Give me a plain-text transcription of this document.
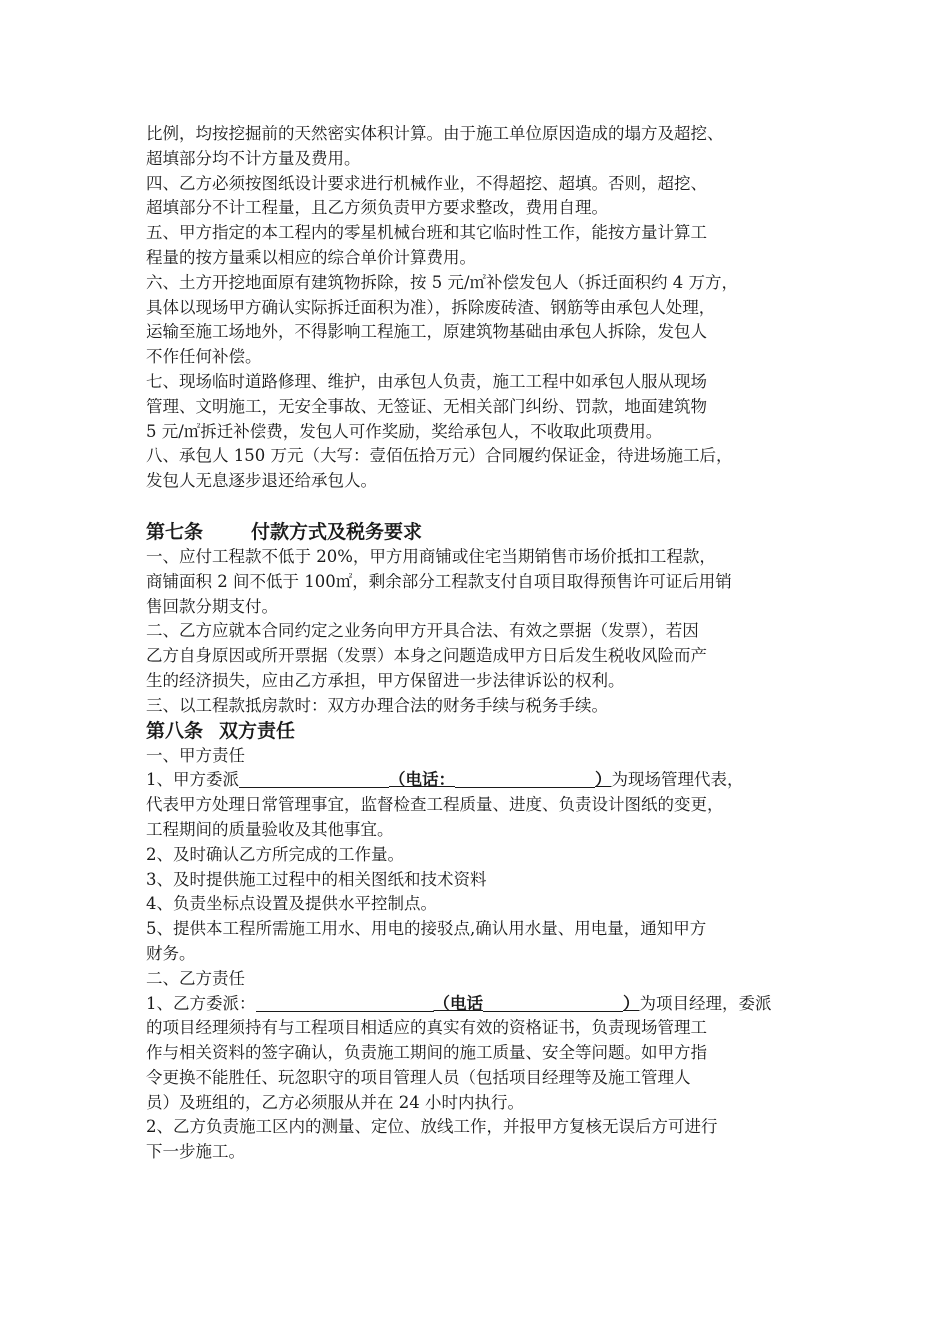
比例，均按挖掘前的天然密实体积计算。由于施工单位原因造成的塌方及超挖、

超填部分均不计方量及费用。

四、乙方必须按图纸设计要求进行机械作业，不得超挖、超填。否则，超挖、

超填部分不计工程量，且乙方须负责甲方要求整改，费用自理。

五、甲方指定的本工程内的零星机械台班和其它临时性工作，能按方量计算工

程量的按方量乘以相应的综合单价计算费用。

六、土方开挖地面原有建筑物拆除，按 5 元/㎡补偿发包人（拆迁面积约 4 万方，

具体以现场甲方确认实际拆迁面积为准），拆除废砖渣、钢筋等由承包人处理，

运输至施工场地外，不得影响工程施工，原建筑物基础由承包人拆除，发包人

不作任何补偿。

七、现场临时道路修理、维护，由承包人负责，施工工程中如承包人服从现场

管理、文明施工，无安全事故、无签证、无相关部门纠纷、罚款，地面建筑物

5 元/㎡拆迁补偿费，发包人可作奖励，奖给承包人，不收取此项费用。

八、承包人 150 万元（大写：壹佰伍拾万元）合同履约保证金，待进场施工后，

发包人无息逐步退还给承包人。

第七条	付款方式及税务要求

一、应付工程款不低于 20%，甲方用商铺或住宅当期销售市场价抵扣工程款，

商铺面积 2 间不低于 100㎡，剩余部分工程款支付自项目取得预售许可证后用销

售回款分期支付。

二、乙方应就本合同约定之业务向甲方开具合法、有效之票据（发票），若因

乙方自身原因或所开票据（发票）本身之问题造成甲方日后发生税收风险而产

生的经济损失，应由乙方承担，甲方保留进一步法律诉讼的权利。

三、以工程款抵房款时：双方办理合法的财务手续与税务手续。

第八条 双方责任

一、甲方责任

1、甲方委派	（电话：	）为现场管理代表，

代表甲方处理日常管理事宜，监督检查工程质量、进度、负责设计图纸的变更，

工程期间的质量验收及其他事宜。

2、及时确认乙方所完成的工作量。

3、及时提供施工过程中的相关图纸和技术资料

4、负责坐标点设置及提供水平控制点。

5、提供本工程所需施工用水、用电的接驳点,确认用水量、用电量，通知甲方

财务。

二、乙方责任

1、乙方委派：	（电话	）为项目经理，委派

的项目经理须持有与工程项目相适应的真实有效的资格证书，负责现场管理工

作与相关资料的签字确认，负责施工期间的施工质量、安全等问题。如甲方指

令更换不能胜任、玩忽职守的项目管理人员（包括项目经理等及施工管理人

员）及班组的，乙方必须服从并在 24 小时内执行。

2、乙方负责施工区内的测量、定位、放线工作，并报甲方复核无误后方可进行

下一步施工。
